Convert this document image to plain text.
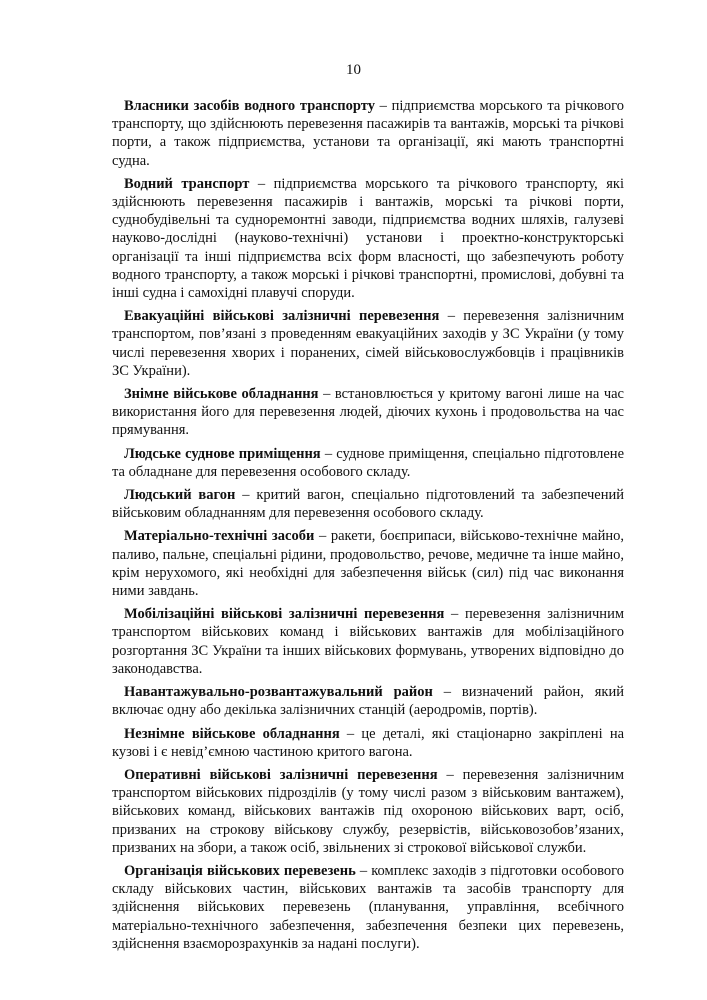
10

Власники засобів водного транспорту – підприємства морського та річкового транспорту, що здійснюють перевезення пасажирів та вантажів, морські та річкові порти, а також підприємства, установи та організації, які мають транспортні судна.

Водний транспорт – підприємства морського та річкового транспорту, які здійснюють перевезення пасажирів і вантажів, морські та річкові порти, суднобудівельні та судноремонтні заводи, підприємства водних шляхів, галузеві науково-дослідні (науково-технічні) установи і проектно-конструкторські організації та інші підприємства всіх форм власності, що забезпечують роботу водного транспорту, а також морські і річкові транспортні, промислові, добувні та інші судна і самохідні плавучі споруди.

Евакуаційні військові залізничні перевезення – перевезення залізничним транспортом, пов’язані з проведенням евакуаційних заходів у ЗС України (у тому числі перевезення хворих і поранених, сімей військовослужбовців і працівників ЗС України).

Знімне військове обладнання – встановлюється у критому вагоні лише на час використання його для перевезення людей, діючих кухонь і продовольства на час прямування.

Людське суднове приміщення – суднове приміщення, спеціально підготовлене та обладнане для перевезення особового складу.

Людський вагон – критий вагон, спеціально підготовлений та забезпечений військовим обладнанням для перевезення особового складу.

Матеріально-технічні засоби – ракети, боєприпаси, військово-технічне майно, паливо, пальне, спеціальні рідини, продовольство, речове, медичне та інше майно, крім нерухомого, які необхідні для забезпечення військ (сил) під час виконання ними завдань.

Мобілізаційні військові залізничні перевезення – перевезення залізничним транспортом військових команд і військових вантажів для мобілізаційного розгортання ЗС України та інших військових формувань, утворених відповідно до законодавства.

Навантажувально-розвантажувальний район – визначений район, який включає одну або декілька залізничних станцій (аеродромів, портів).

Незнімне військове обладнання – це деталі, які стаціонарно закріплені на кузові і є невід’ємною частиною критого вагона.

Оперативні військові залізничні перевезення – перевезення залізничним транспортом військових підрозділів (у тому числі разом з військовим вантажем), військових команд, військових вантажів під охороною військових варт, осіб, призваних на строкову військову службу, резервістів, військовозобов’язаних, призваних на збори, а також осіб, звільнених зі строкової військової служби.

Організація військових перевезень – комплекс заходів з підготовки особового складу військових частин, військових вантажів та засобів транспорту для здійснення військових перевезень (планування, управління, всебічного матеріально-технічного забезпечення, забезпечення безпеки цих перевезень, здійснення взаєморозрахунків за надані послуги).
